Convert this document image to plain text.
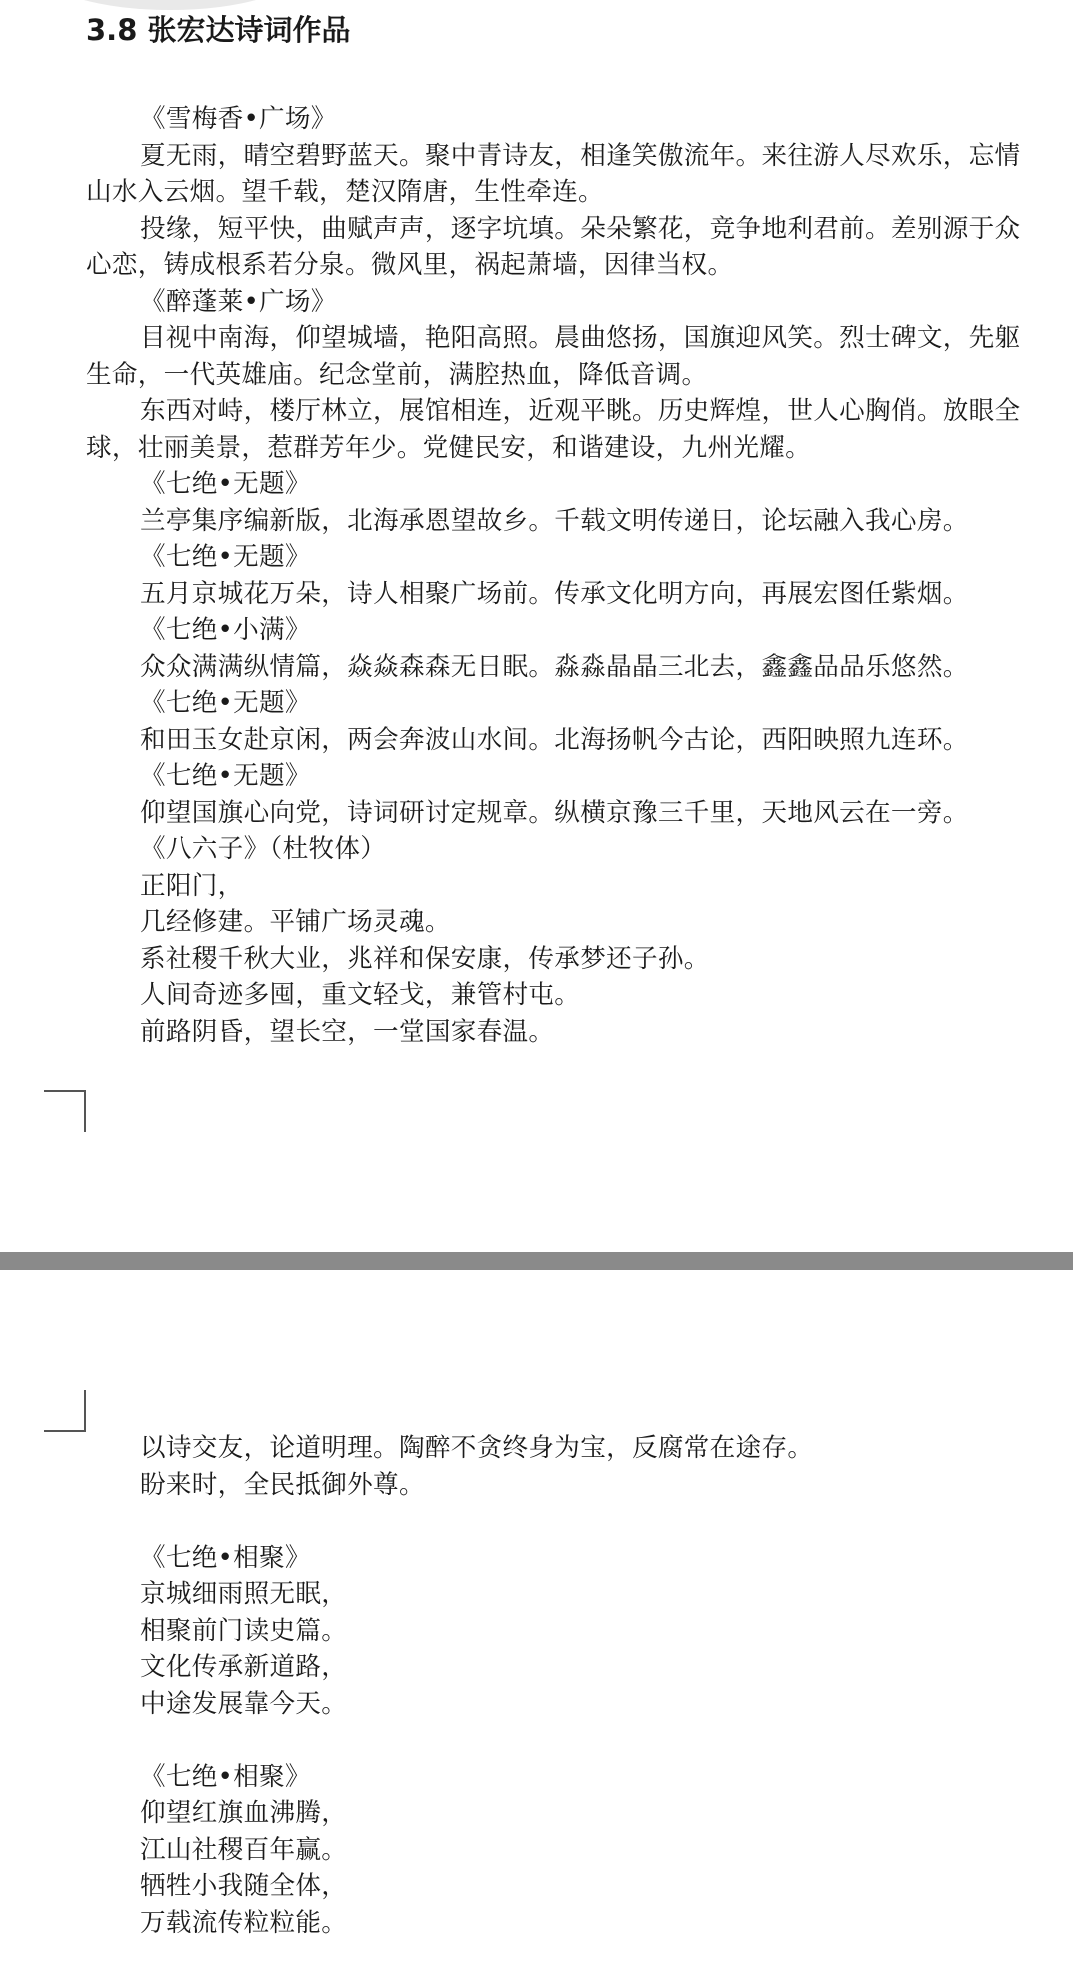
3.8 张宏达诗词作品
《雪梅香•广场》
夏无雨，晴空碧野蓝天。聚中青诗友，相逢笑傲流年。来往游人尽欢乐，忘情
山水入云烟。望千载，楚汉隋唐，生性牵连。
投缘，短平快，曲赋声声，逐字坑填。朵朵繁花，竞争地利君前。差别源于众
心恋，铸成根系若分泉。微风里，祸起萧墙，因律当权。
《醉蓬莱•广场》
目视中南海，仰望城墙，艳阳高照。晨曲悠扬，国旗迎风笑。烈士碑文，先躯
生命，一代英雄庙。纪念堂前，满腔热血，降低音调。
东西对峙，楼厅林立，展馆相连，近观平眺。历史辉煌，世人心胸俏。放眼全
球，壮丽美景，惹群芳年少。党健民安，和谐建设，九州光耀。
《七绝•无题》
兰亭集序编新版，北海承恩望故乡。千载文明传递日，论坛融入我心房。
《七绝•无题》
五月京城花万朵，诗人相聚广场前。传承文化明方向，再展宏图任紫烟。
《七绝•小满》
众众满满纵情篇，焱焱森森无日眠。淼淼晶晶三北去，鑫鑫品品乐悠然。
《七绝•无题》
和田玉女赴京闲，两会奔波山水间。北海扬帆今古论，西阳映照九连环。
《七绝•无题》
仰望国旗心向党，诗词研讨定规章。纵横京豫三千里，天地风云在一旁。
《八六子》（杜牧体）
正阳门，
几经修建。平铺广场灵魂。
系社稷千秋大业，兆祥和保安康，传承梦还子孙。
人间奇迹多囤，重文轻戈，兼管村屯。
前路阴昏，望长空，一堂国家春温。
以诗交友，论道明理。陶醉不贪终身为宝，反腐常在途存。
盼来时，全民抵御外尊。
《七绝•相聚》
京城细雨照无眠，
相聚前门读史篇。
文化传承新道路，
中途发展靠今天。
《七绝•相聚》
仰望红旗血沸腾，
江山社稷百年赢。
牺牲小我随全体，
万载流传粒粒能。
